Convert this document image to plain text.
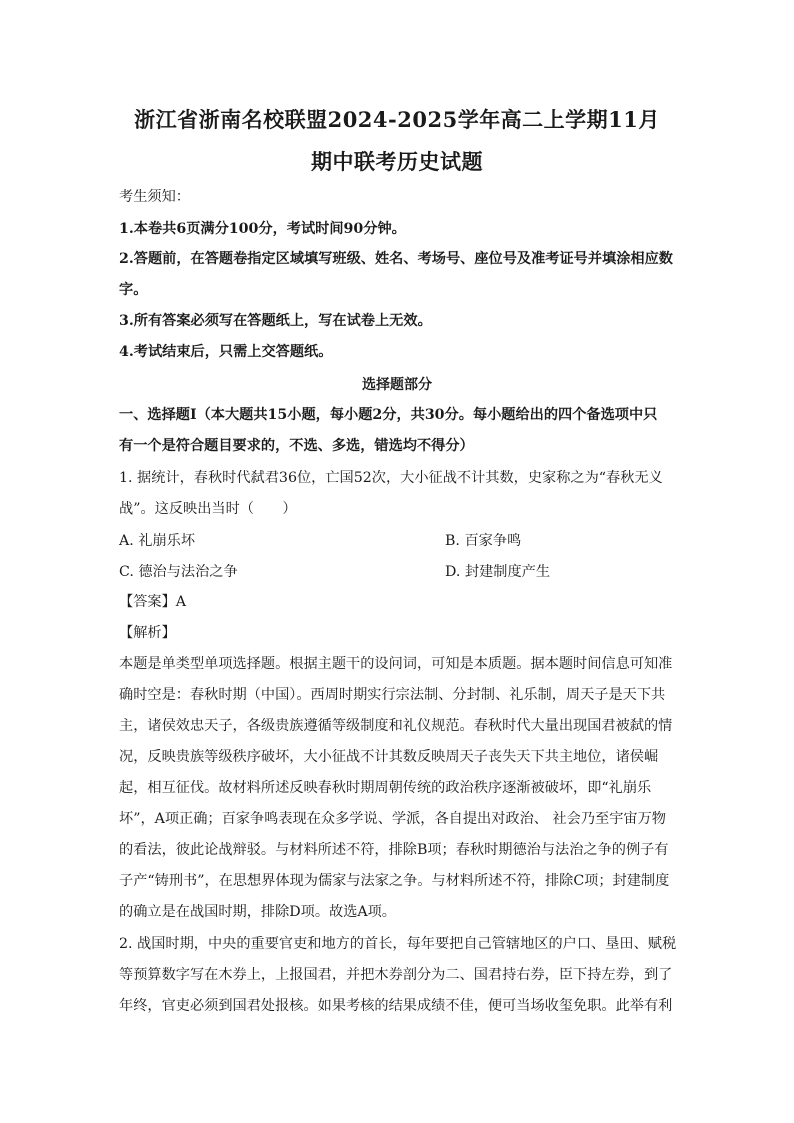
浙江省浙南名校联盟2024-2025学年高二上学期11月
期中联考历史试题
考生须知：
1.本卷共6页满分100分，考试时间90分钟。
2.答题前，在答题卷指定区域填写班级、姓名、考场号、座位号及准考证号并填涂相应数
字。
3.所有答案必须写在答题纸上，写在试卷上无效。
4.考试结束后，只需上交答题纸。
选择题部分
一、选择题Ⅰ（本大题共15小题，每小题2分，共30分。每小题给出的四个备选项中只
有一个是符合题目要求的，不选、多选，错选均不得分）
1. 据统计，春秋时代弑君36位，亡国52次，大小征战不计其数，史家称之为“春秋无义
战”。这反映出当时（　　）
A. 礼崩乐坏	B. 百家争鸣
C. 德治与法治之争	D. 封建制度产生
【答案】A
【解析】
本题是单类型单项选择题。根据主题干的设问词，可知是本质题。据本题时间信息可知准
确时空是：春秋时期（中国）。西周时期实行宗法制、分封制、礼乐制，周天子是天下共
主，诸侯效忠天子，各级贵族遵循等级制度和礼仪规范。春秋时代大量出现国君被弑的情
况，反映贵族等级秩序破坏，大小征战不计其数反映周天子丧失天下共主地位，诸侯崛
起，相互征伐。故材料所述反映春秋时期周朝传统的政治秩序逐渐被破坏，即“礼崩乐
坏”，A项正确；百家争鸣表现在众多学说、学派，各自提出对政治、 社会乃至宇宙万物
的看法，彼此论战辩驳。与材料所述不符，排除B项；春秋时期德治与法治之争的例子有
子产“铸刑书”，在思想界体现为儒家与法家之争。与材料所述不符，排除C项；封建制度
的确立是在战国时期，排除D项。故选A项。
2. 战国时期，中央的重要官吏和地方的首长，每年要把自己管辖地区的户口、垦田、赋税
等预算数字写在木券上，上报国君，并把木券剖分为二、国君持右券，臣下持左券，到了
年终，官吏必须到国君处报核。如果考核的结果成绩不佳，便可当场收玺免职。此举有利
